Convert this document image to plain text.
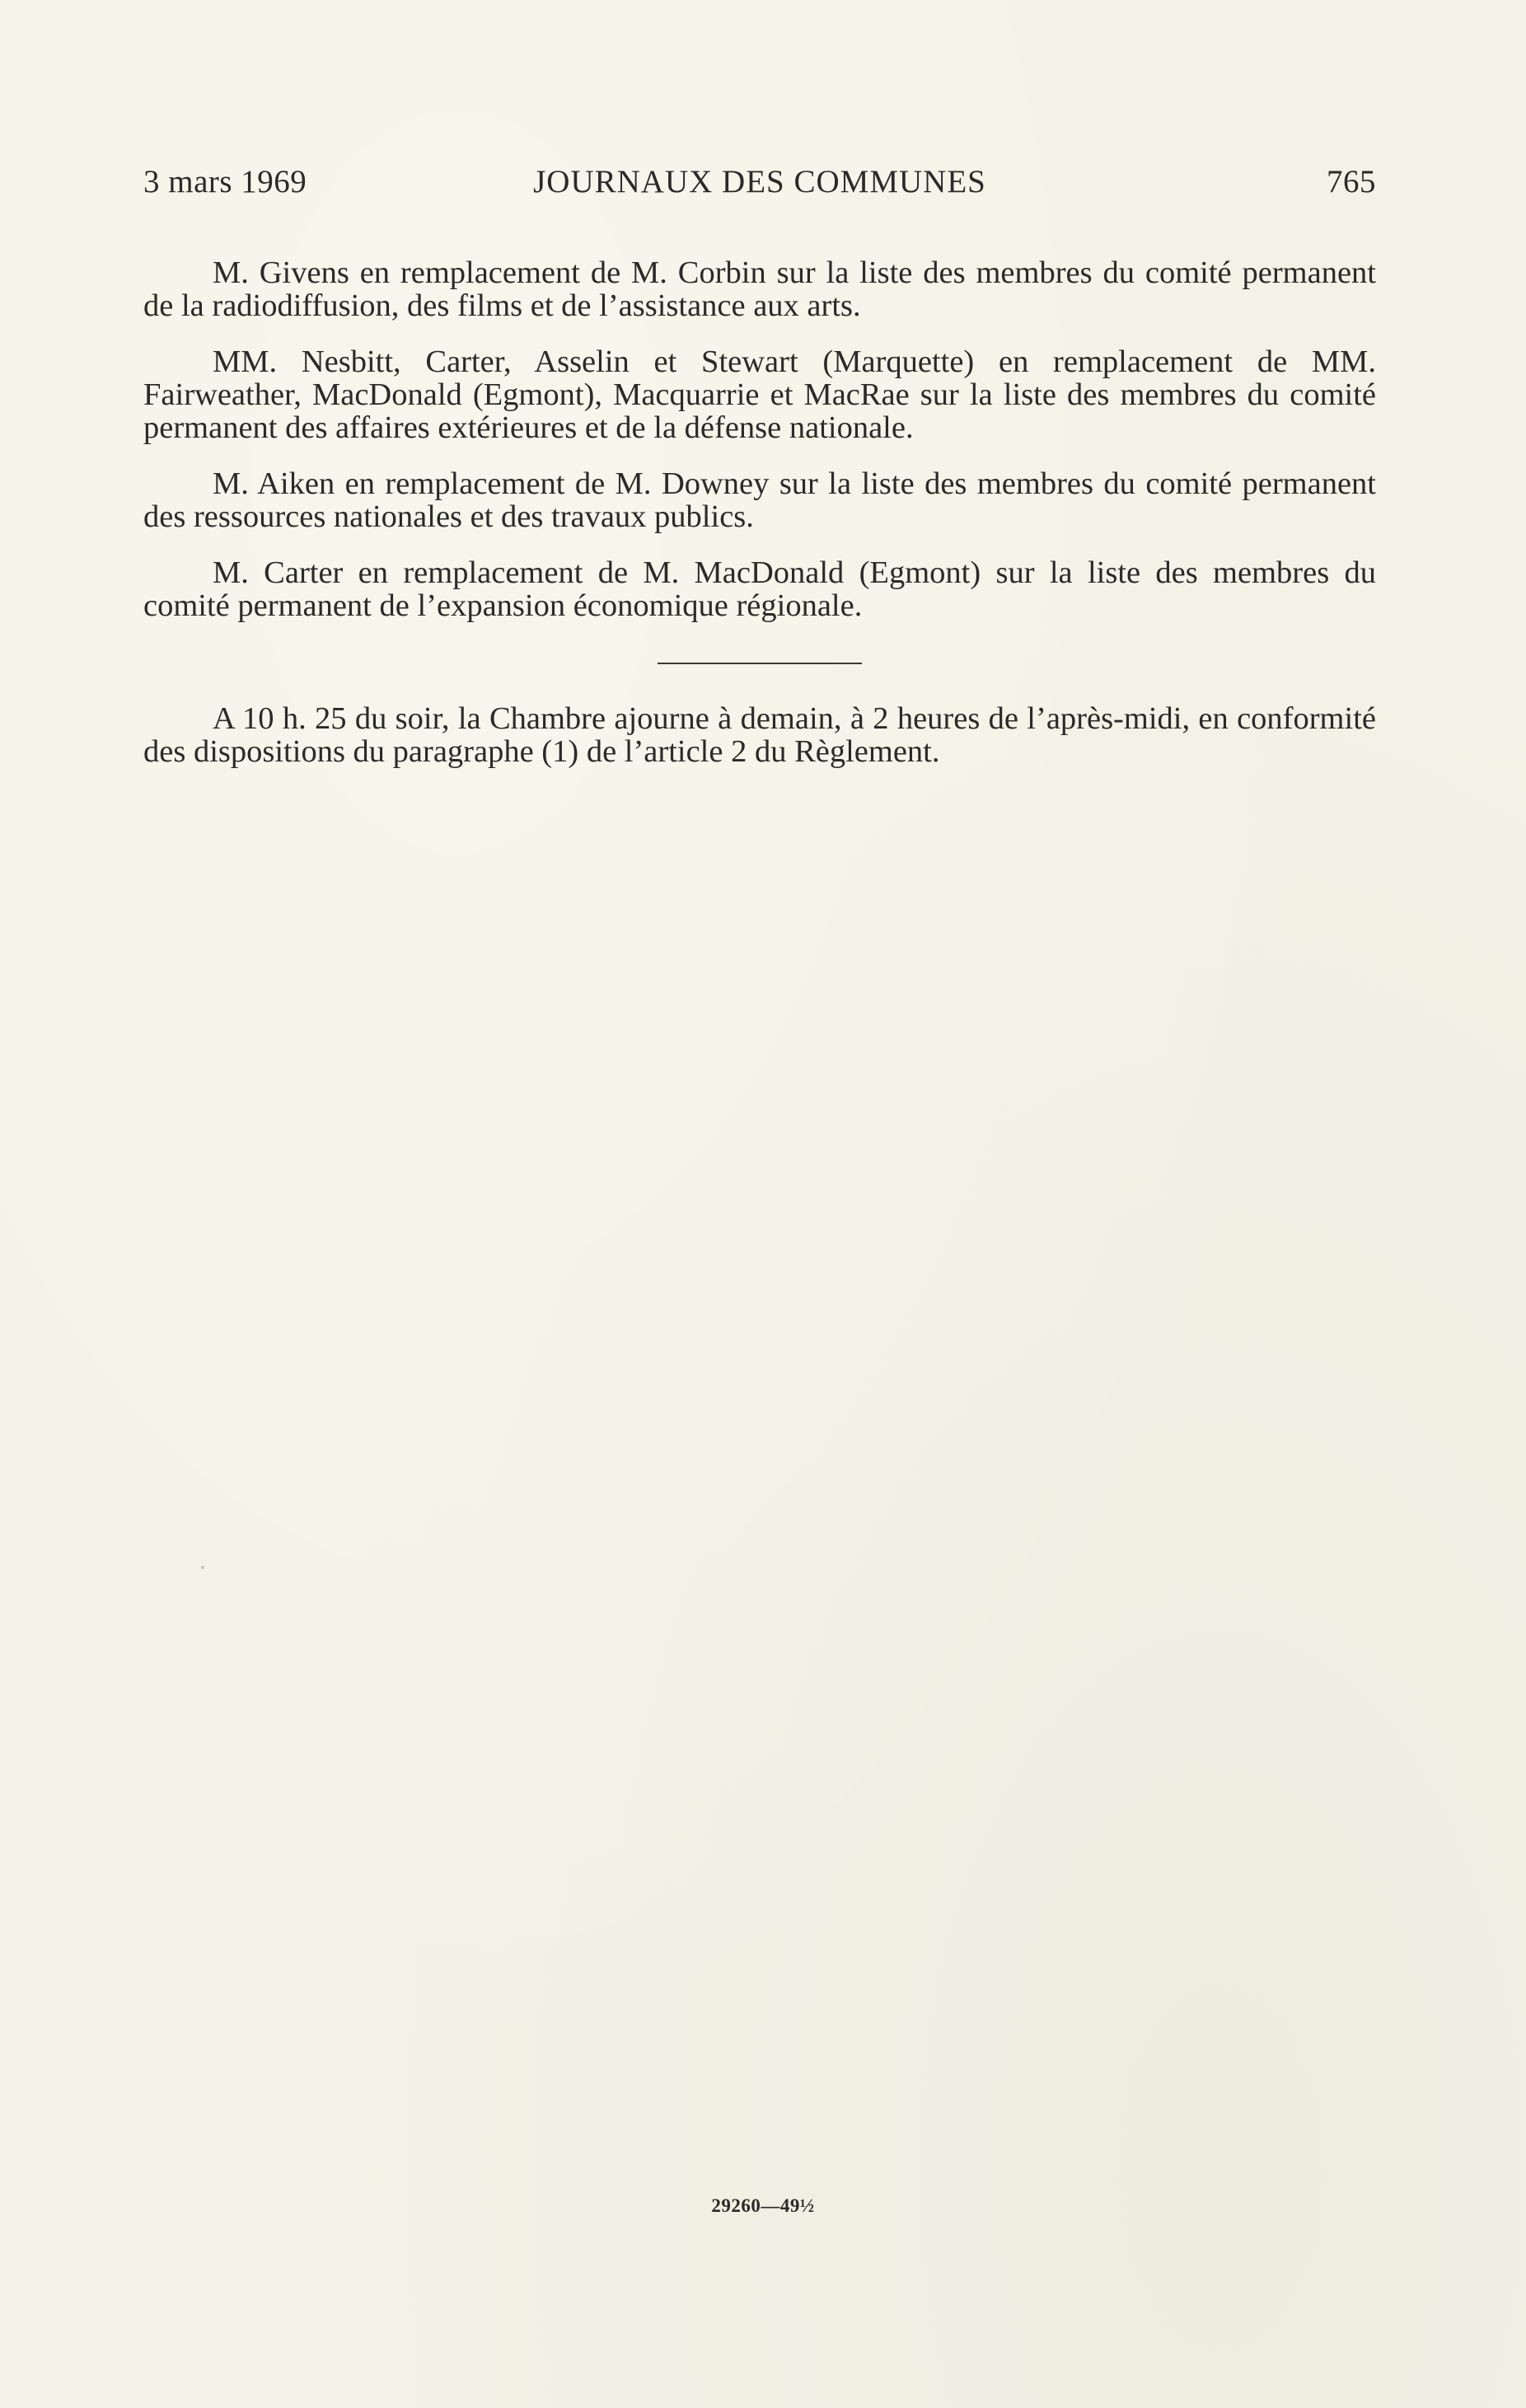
3 mars 1969	JOURNAUX DES COMMUNES	765

M. Givens en remplacement de M. Corbin sur la liste des membres du comité permanent de la radiodiffusion, des films et de l’assistance aux arts.

MM. Nesbitt, Carter, Asselin et Stewart (Marquette) en remplacement de MM. Fairweather, MacDonald (Egmont), Macquarrie et MacRae sur la liste des membres du comité permanent des affaires extérieures et de la défense nationale.

M. Aiken en remplacement de M. Downey sur la liste des membres du comité permanent des ressources nationales et des travaux publics.

M. Carter en remplacement de M. MacDonald (Egmont) sur la liste des membres du comité permanent de l’expansion économique régionale.

A 10 h. 25 du soir, la Chambre ajourne à demain, à 2 heures de l’après-midi, en conformité des dispositions du paragraphe (1) de l’article 2 du Règlement.

29260—49½
